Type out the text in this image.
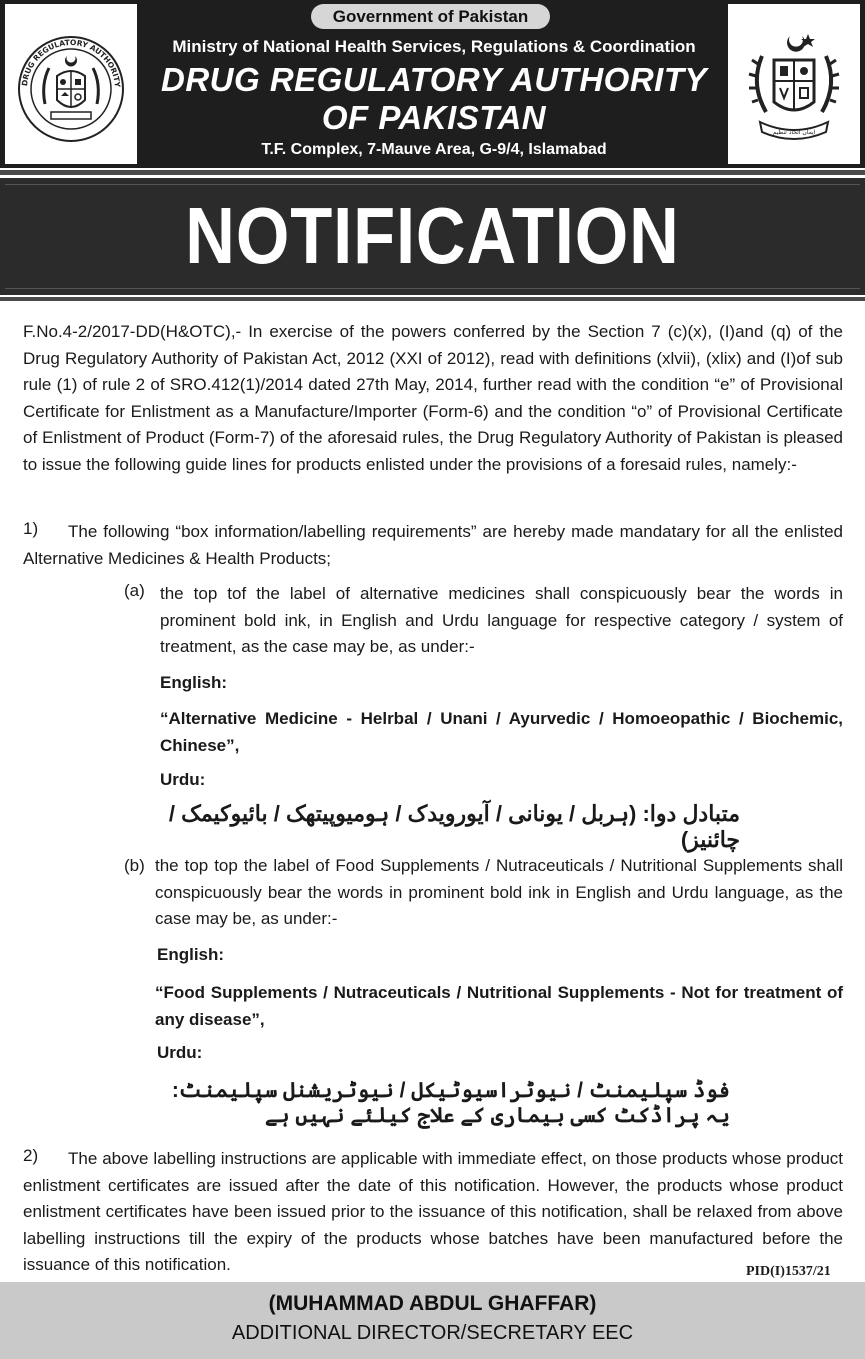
DRUG REGULATORY AUTHORITY
Government of Pakistan
Ministry of National Health Services, Regulations & Coordination
DRUG REGULATORY AUTHORITY
OF PAKISTAN
T.F. Complex, 7-Mauve Area, G-9/4, Islamabad
ایمان اتحاد تنظیم
NOTIFICATION
F.No.4-2/2017-DD(H&OTC),- In exercise of the powers conferred by the Section 7 (c)(x), (I)and (q) of the Drug Regulatory Authority of Pakistan Act, 2012 (XXI of 2012), read with definitions (xlvii), (xlix) and (I)of sub rule (1) of rule 2 of SRO.412(1)/2014 dated 27th May, 2014, further read with the condition “e” of Provisional Certificate for Enlistment as a Manufacture/Importer (Form-6) and the condition “o” of Provisional Certificate of Enlistment of Product (Form-7) of the aforesaid rules, the Drug Regulatory Authority of Pakistan is pleased to issue the following guide lines for products enlisted under the provisions of a foresaid rules, namely:-
1)	The following “box information/labelling requirements” are hereby made mandatary for all the enlisted Alternative Medicines & Health Products;
(a) the top tof the label of alternative medicines shall conspicuously bear the words in prominent bold ink, in English and Urdu language for respective category / system of treatment, as the case may be, as under:-
English:
“Alternative Medicine - Helrbal / Unani / Ayurvedic / Homoeopathic / Biochemic, Chinese”,
Urdu:
متبادل دوا: (ہربل / یونانی / آیورویدک / ہومیوپیتھک / بائیوکیمک / چائنیز)
(b) the top top the label of Food Supplements / Nutraceuticals / Nutritional Supplements shall conspicuously bear the words in prominent bold ink in English and Urdu language, as the case may be, as under:-
English:
“Food Supplements / Nutraceuticals / Nutritional Supplements - Not for treatment of any disease”,
Urdu:
فوڈ سپلیمنٹ / نیوٹراسیوٹیکل / نیوٹریشنل سپلیمنٹ: یہ پراڈکٹ کسی بیماری کے علاج کیلئے نہیں ہے
2)	The above labelling instructions are applicable with immediate effect, on those products whose product enlistment certificates are issued after the date of this notification. However, the products whose product enlistment certificates have been issued prior to the issuance of this notification, shall be relaxed from above labelling instructions till the expiry of the products whose batches have been manufactured before the issuance of this notification.	PID(I)1537/21
(MUHAMMAD ABDUL GHAFFAR)
ADDITIONAL DIRECTOR/SECRETARY EEC
